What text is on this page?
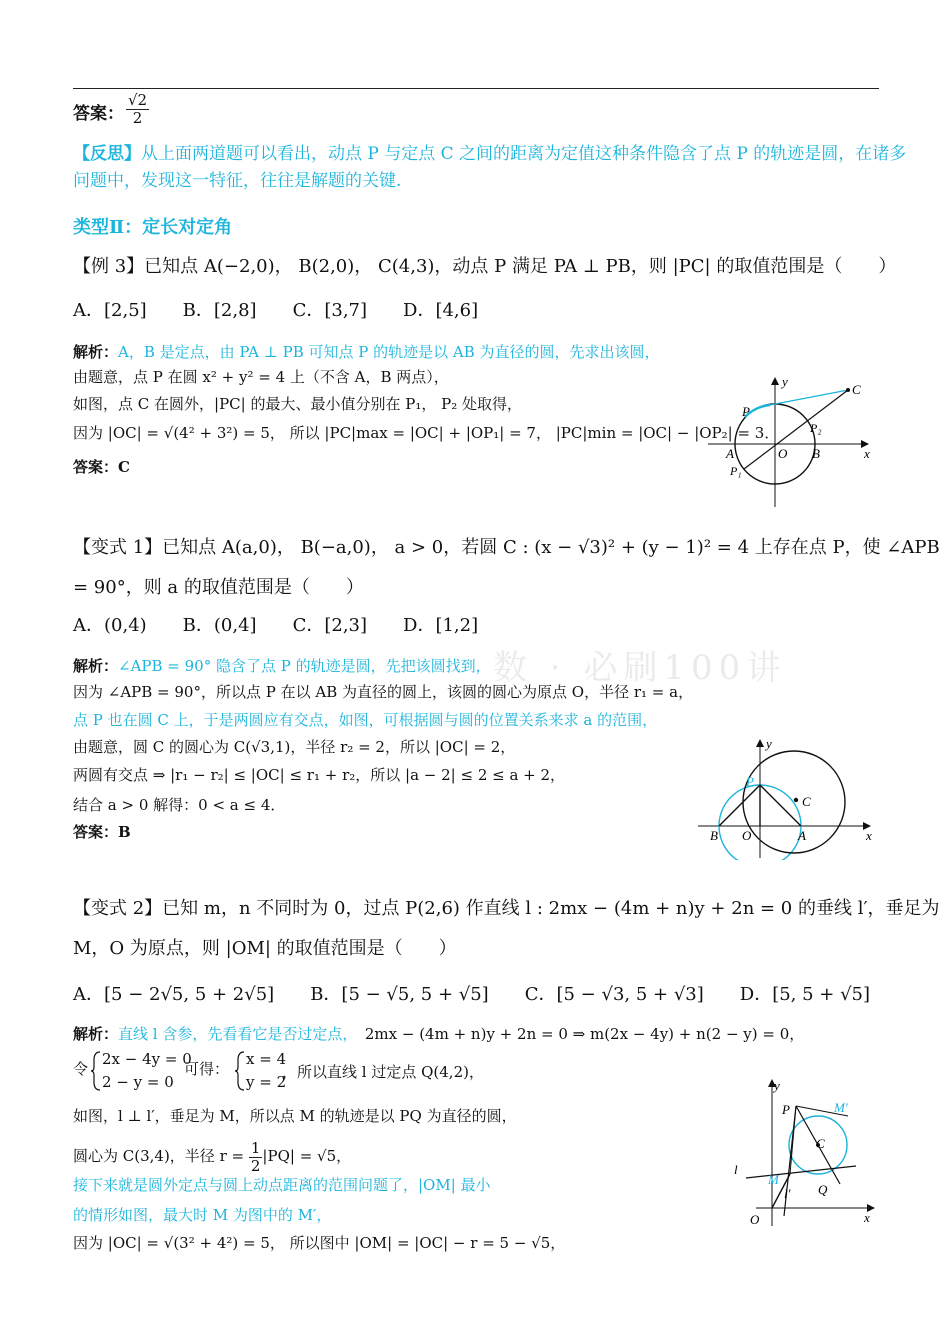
答案： $\frac{√2}{2}$
【反思】从上面两道题可以看出，动点 P 与定点 C 之间的距离为定值这种条件隐含了点 P 的轨迹是圆，在诸多
问题中，发现这一特征，往往是解题的关键.
类型Ⅱ：定长对定角
【例 3】已知点 A(−2,0)， B(2,0)， C(4,3)，动点 P 满足 PA ⊥ PB，则 |PC| 的取值范围是（　　）
A．[2,5]　　B．[2,8]　　C．[3,7]　　D．[4,6]
解析：A，B 是定点，由 PA ⊥ PB 可知点 P 的轨迹是以 AB 为直径的圆，先求出该圆，
由题意，点 P 在圆 x² + y² = 4 上（不含 A，B 两点），
如图，点 C 在圆外，|PC| 的最大、最小值分别在 P₁， P₂ 处取得，
因为 |OC| = √(4² + 3²) = 5， 所以 |PC|max = |OC| + |OP₁| = 7， |PC|min = |OC| − |OP₂| = 3．
答案：C
y
x
C
P
P₂
A	O B
P₁
【变式 1】已知点 A(a,0)， B(−a,0)， a > 0，若圆 C : (x − √3)² + (y − 1)² = 4 上存在点 P，使 ∠APB
= 90°，则 a 的取值范围是（　　）
A．(0,4)　　B．(0,4]　　C．[2,3]　　D．[1,2]
数 · 必刷100讲
解析：∠APB = 90° 隐含了点 P 的轨迹是圆，先把该圆找到，
因为 ∠APB = 90°，所以点 P 在以 AB 为直径的圆上，该圆的圆心为原点 O，半径 r₁ = a，
点 P 也在圆 C 上，于是两圆应有交点，如图，可根据圆与圆的位置关系来求 a 的范围，
由题意，圆 C 的圆心为 C(√3,1)，半径 r₂ = 2，所以 |OC| = 2，
两圆有交点 ⇒ |r₁ − r₂| ≤ |OC| ≤ r₁ + r₂，所以 |a − 2| ≤ 2 ≤ a + 2，
结合 a > 0 解得：0 < a ≤ 4．
答案：B
y
x
P
C
B O	A
【变式 2】已知 m，n 不同时为 0，过点 P(2,6) 作直线 l : 2mx − (4m + n)y + 2n = 0 的垂线 l′，垂足为
M，O 为原点，则 |OM| 的取值范围是（　　）
A．[5 − 2√5, 5 + 2√5]　　B．[5 − √5, 5 + √5]　　C．[5 − √3, 5 + √3]　　D．[5, 5 + √5]
解析：直线 l 含参，先看看它是否过定点，　 2mx − (4m + n)y + 2n = 0 ⇒ m(2x − 4y) + n(2 − y) = 0，
令
2x − 4y = 0
2 − y = 0
可得：
x = 4
y = 2
，所以直线 l 过定点 Q(4,2)，
如图，l ⊥ l′，垂足为 M，所以点 M 的轨迹是以 PQ 为直径的圆，
圆心为 C(3,4)，半径 $r = \frac{1}{2} |PQ| = √5$，
接下来就是圆外定点与圆上动点距离的范围问题了，|OM| 最小
的情形如图，最大时 M 为图中的 M′，
因为 |OC| = √(3² + 4²) = 5， 所以图中 |OM| = |OC| − r = 5 − √5，
y
x
P	M′
C
l
M
l′ Q
O
